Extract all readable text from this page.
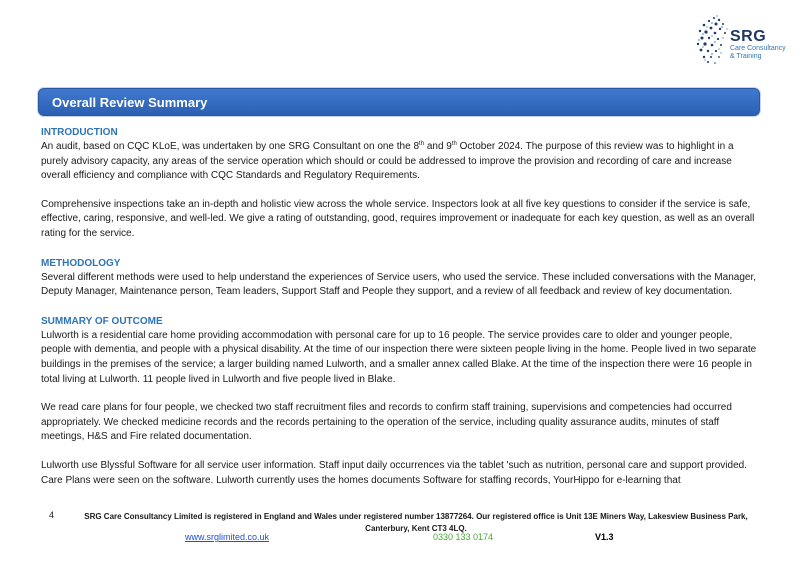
SRG
Care Consultancy
& Training
Overall Review Summary
INTRODUCTION

An audit, based on CQC KLoE, was undertaken by one SRG Consultant on one the 8th and 9th October 2024. The purpose of this review was to highlight in a purely advisory capacity, any areas of the service operation which should or could be addressed to improve the provision and recording of care and increase overall efficiency and compliance with CQC Standards and Regulatory Requirements.

Comprehensive inspections take an in-depth and holistic view across the whole service. Inspectors look at all five key questions to consider if the service is safe, effective, caring, responsive, and well-led. We give a rating of outstanding, good, requires improvement or inadequate for each key question, as well as an overall rating for the service.

METHODOLOGY

Several different methods were used to help understand the experiences of Service users, who used the service. These included conversations with the Manager, Deputy Manager, Maintenance person, Team leaders, Support Staff and People they support, and a review of all feedback and review of key documentation.

SUMMARY OF OUTCOME

Lulworth is a residential care home providing accommodation with personal care for up to 16 people. The service provides care to older and younger people, people with dementia, and people with a physical disability. At the time of our inspection there were sixteen people living in the home. People lived in two separate buildings in the premises of the service; a larger building named Lulworth, and a smaller annex called Blake. At the time of the inspection there were 16 people in total living at Lulworth. 11 people lived in Lulworth and five people lived in Blake.

We read care plans for four people, we checked two staff recruitment files and records to confirm staff training, supervisions and competencies had occurred appropriately. We checked medicine records and the records pertaining to the operation of the service, including quality assurance audits, minutes of staff meetings, H&S and Fire related documentation.

Lulworth use Blyssful Software for all service user information. Staff input daily occurrences via the tablet 'such as nutrition, personal care and support provided. Care Plans were seen on the software. Lulworth currently uses the homes documents Software for staffing records, YourHippo for e-learning that

4	SRG Care Consultancy Limited is registered in England and Wales under registered number 13877264. Our registered office is Unit 13E Miners Way, Lakesview Business Park, Canterbury, Kent CT3 4LQ.
www.srglimited.co.uk	0330 133 0174	V1.3
